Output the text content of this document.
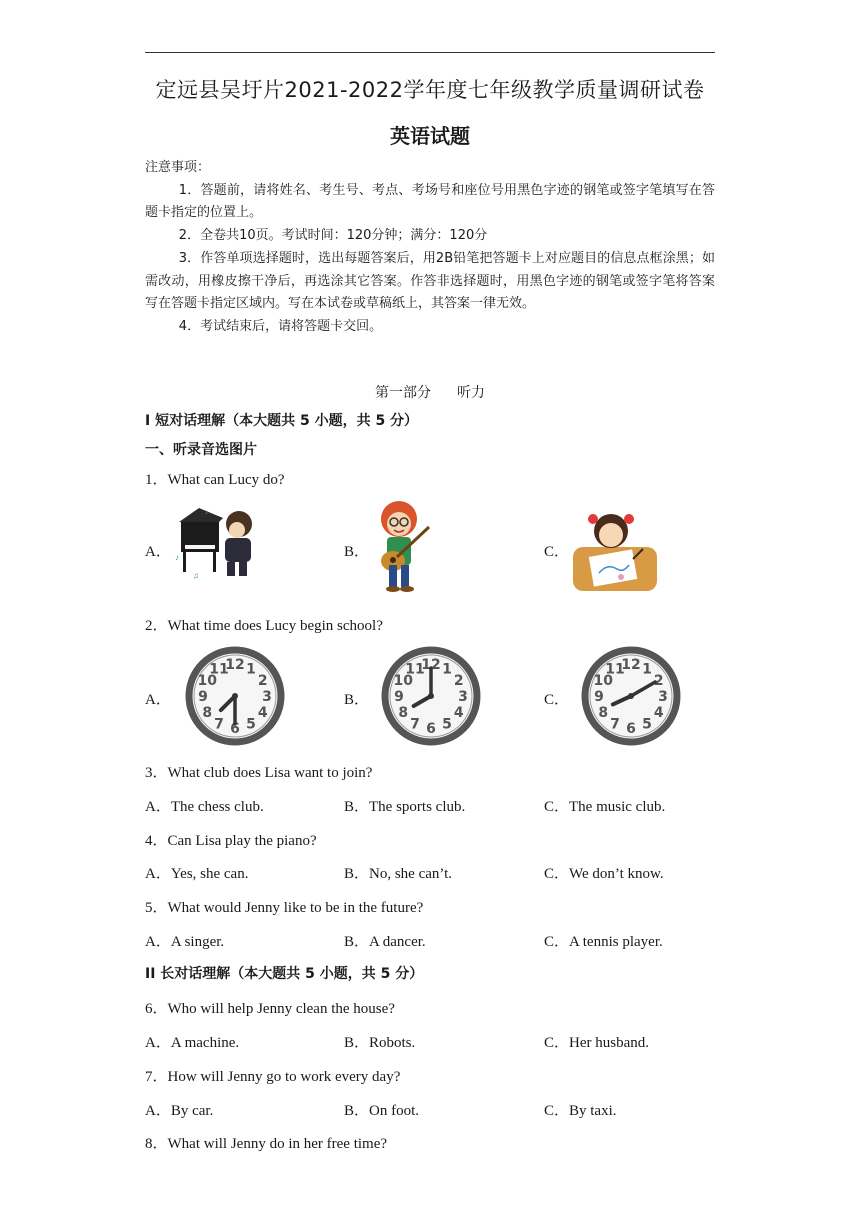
定远县吴圩片2021-2022学年度七年级教学质量调研试卷
英语试题

注意事项：

1．答题前，请将姓名、考生号、考点、考场号和座位号用黑色字迹的钢笔或签字笔填写在答题卡指定的位置上。

2．全卷共10页。考试时间：120分钟；满分：120分

3．作答单项选择题时，选出每题答案后，用2B铅笔把答题卡上对应题目的信息点框涂黑；如需改动，用橡皮擦干净后，再选涂其它答案。作答非选择题时，用黑色字迹的钢笔或签字笔将答案写在答题卡指定区域内。写在本试卷或草稿纸上，其答案一律无效。

4．考试结束后，请将答题卡交回。

第一部分 听力
I 短对话理解（本大题共 5 小题，共 5 分）
一、听录音选图片
1．What can Lucy do?
A． ♪
♫
♪
B．	C．
2．What time does Lucy begin school?
A．
12 1
2
3
4
5
6
7
8
9
10
11
B．
12 1
2
3
4
5
6
7
8
9
10
11
C．
12 1
2
3
4
5
6
7
8
9
10
11
3．What club does Lisa want to join?
A．The chess club.	B．The sports club.	C．The music club.
4．Can Lisa play the piano?
A．Yes, she can.	B．No, she can’t.	C．We don’t know.
5．What would Jenny like to be in the future?
A．A singer.	B．A dancer.	C．A tennis player.
II 长对话理解（本大题共 5 小题，共 5 分）
6．Who will help Jenny clean the house?
A．A machine.	B．Robots.	C．Her husband.
7．How will Jenny go to work every day?
A．By car.	B．On foot.	C．By taxi.
8．What will Jenny do in her free time?
